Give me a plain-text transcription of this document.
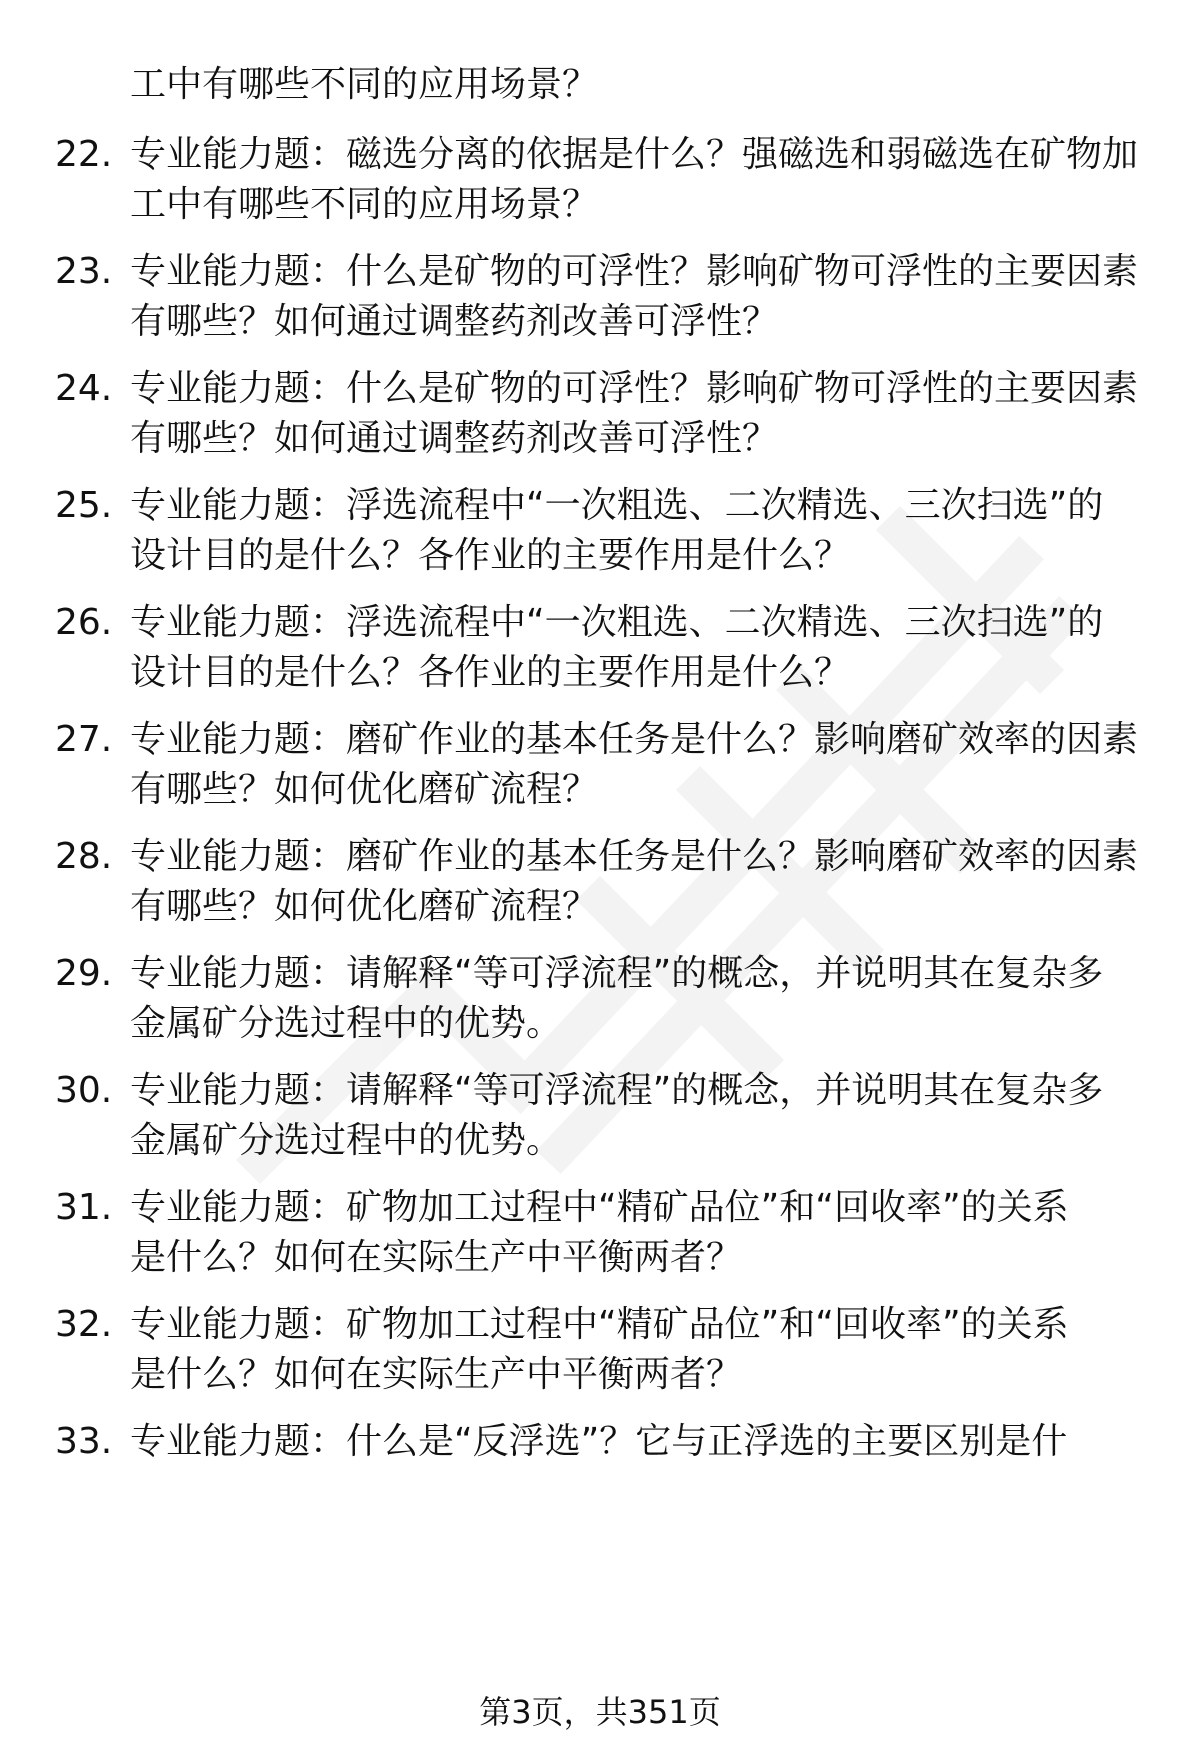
工中有哪些不同的应用场景？
22. 专业能力题：磁选分离的依据是什么？强磁选和弱磁选在矿物加
工中有哪些不同的应用场景？
23. 专业能力题：什么是矿物的可浮性？影响矿物可浮性的主要因素
有哪些？如何通过调整药剂改善可浮性？
24. 专业能力题：什么是矿物的可浮性？影响矿物可浮性的主要因素
有哪些？如何通过调整药剂改善可浮性？
25. 专业能力题：浮选流程中“一次粗选、二次精选、三次扫选”的
设计目的是什么？各作业的主要作用是什么？
26. 专业能力题：浮选流程中“一次粗选、二次精选、三次扫选”的
设计目的是什么？各作业的主要作用是什么？
27. 专业能力题：磨矿作业的基本任务是什么？影响磨矿效率的因素
有哪些？如何优化磨矿流程？
28. 专业能力题：磨矿作业的基本任务是什么？影响磨矿效率的因素
有哪些？如何优化磨矿流程？
29. 专业能力题：请解释“等可浮流程”的概念，并说明其在复杂多
金属矿分选过程中的优势。
30. 专业能力题：请解释“等可浮流程”的概念，并说明其在复杂多
金属矿分选过程中的优势。
31. 专业能力题：矿物加工过程中“精矿品位”和“回收率”的关系
是什么？如何在实际生产中平衡两者？
32. 专业能力题：矿物加工过程中“精矿品位”和“回收率”的关系
是什么？如何在实际生产中平衡两者？
33. 专业能力题：什么是“反浮选”？它与正浮选的主要区别是什
第3页，共351页
